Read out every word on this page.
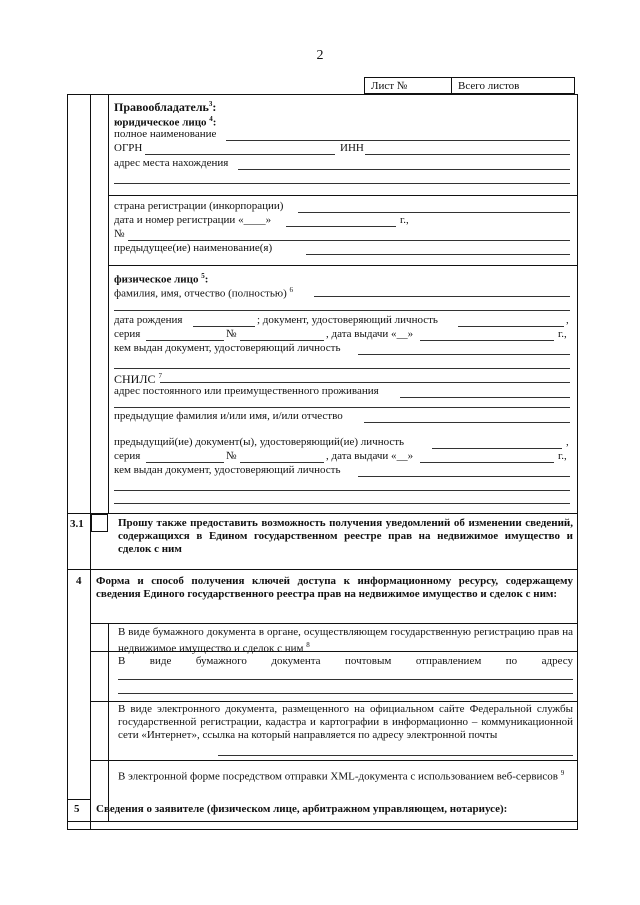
2
Лист №	Всего листов
Правообладатель$^3$:
юридическое лицо $^4$:
полное наименование
ОГРН	ИНН
адрес места нахождения
страна регистрации (инкорпорации)
дата и номер регистрации «____»	г.,
№
предыдущее(ие) наименование(я)
физическое лицо $^5$:
фамилия, имя, отчество (полностью) $^6$
дата рождения	; документ, удостоверяющий личность	,
серия	№	, дата выдачи «__»	г.,
кем выдан документ, удостоверяющий личность
СНИЛС $^7$
адрес постоянного или преимущественного проживания
предыдущие фамилия и/или имя, и/или отчество
предыдущий(ие) документ(ы), удостоверяющий(ие) личность	,
серия	№	, дата выдачи «__»	г.,
кем выдан документ, удостоверяющий личность
3.1	Прошу также предоставить возможность получения уведомлений об изменении сведений, содержащихся в Едином государственном реестре прав на недвижимое имущество и сделок с ним
4 Форма и способ получения ключей доступа к информационному ресурсу, содержащему сведения Единого государственного реестра прав на недвижимое имущество и сделок с ним:
В виде бумажного документа в органе, осуществляющем государственную регистрацию прав на недвижимое имущество и сделок с ним $^8$
В виде бумажного документа почтовым отправлением по адресу
В виде электронного документа, размещенного на официальном сайте Федеральной службы государственной регистрации, кадастра и картографии в информационно – коммуникационной сети «Интернет», ссылка на который направляется по адресу электронной почты
В электронной форме посредством отправки XML-документа с использованием веб-сервисов $^9$
5 Сведения о заявителе (физическом лице, арбитражном управляющем, нотариусе):
